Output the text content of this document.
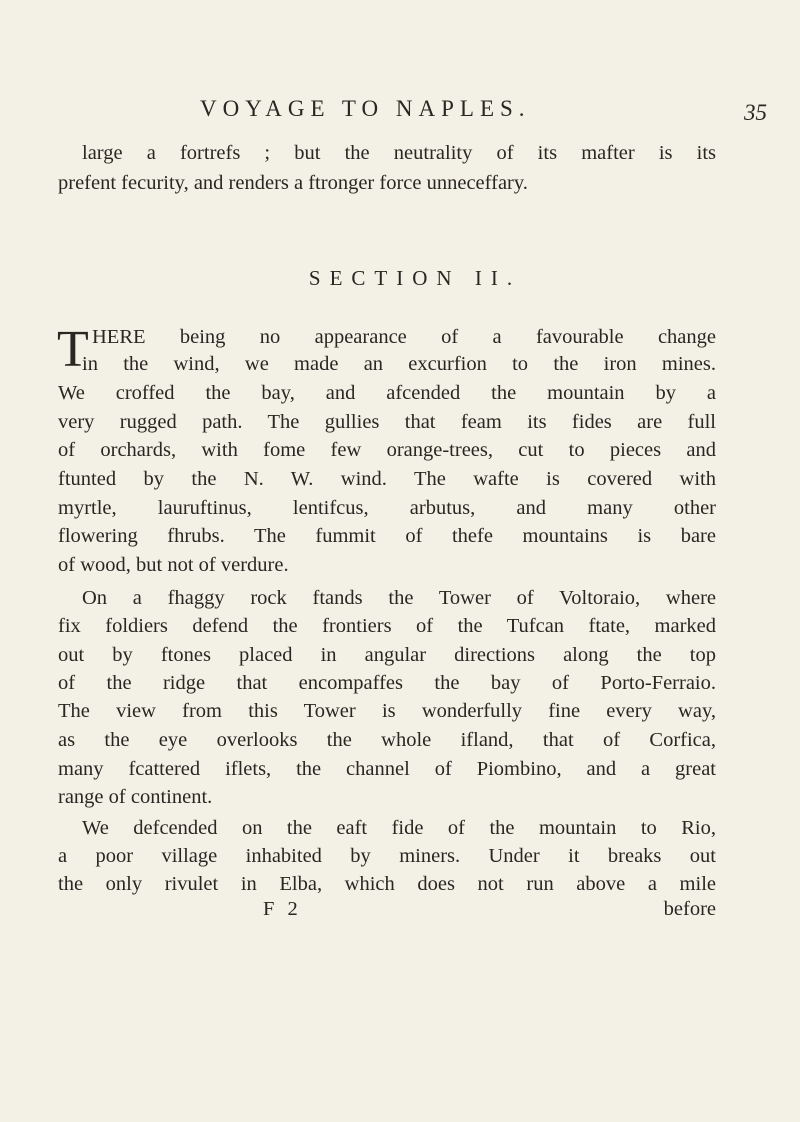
VOYAGE TO NAPLES.	35
large a fortrefs ; but the neutrality of its mafter is its
prefent fecurity, and renders a ftronger force unneceffary.
SECTION II.
T HERE being no appearance of a favourable change
in the wind, we made an excurfion to the iron mines.
We croffed the bay, and afcended the mountain by a
very rugged path. The gullies that feam its fides are full
of orchards, with fome few orange-trees, cut to pieces and
ftunted by the N. W. wind. The wafte is covered with
myrtle, lauruftinus, lentifcus, arbutus, and many other
flowering fhrubs. The fummit of thefe mountains is bare
of wood, but not of verdure.
On a fhaggy rock ftands the Tower of Voltoraio, where
fix foldiers defend the frontiers of the Tufcan ftate, marked
out by ftones placed in angular directions along the top
of the ridge that encompaffes the bay of Porto-Ferraio.
The view from this Tower is wonderfully fine every way,
as the eye overlooks the whole ifland, that of Corfica,
many fcattered iflets, the channel of Piombino, and a great
range of continent.
We defcended on the eaft fide of the mountain to Rio,
a poor village inhabited by miners. Under it breaks out
the only rivulet in Elba, which does not run above a mile
F 2	before
